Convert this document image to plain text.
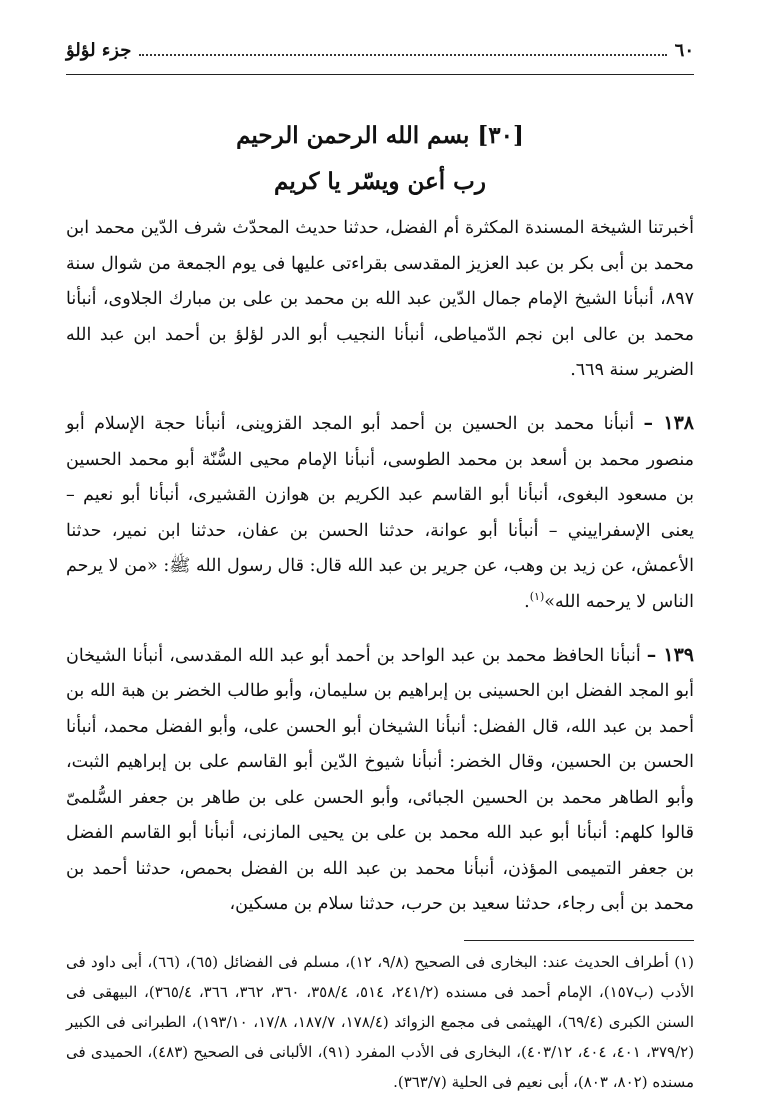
٦٠
جزء لؤلؤ
[٣٠] بسم الله الرحمن الرحيم
رب أعن ويسّر يا كريم

أخبرتنا الشيخة المسندة المكثرة أم الفضل، حدثنا حديث المحدّث شرف الدّين محمد ابن محمد بن أبى بكر بن عبد العزيز المقدسى بقراءتى عليها فى يوم الجمعة من شوال سنة ٨٩٧، أنبأنا الشيخ الإمام جمال الدّين عبد الله بن محمد بن على بن مبارك الجلاوى، أنبأنا محمد بن عالى ابن نجم الدّمياطى، أنبأنا النجيب أبو الدر لؤلؤ بن أحمد ابن عبد الله الضرير سنة ٦٦٩.

١٣٨ – أنبأنا محمد بن الحسين بن أحمد أبو المجد القزوينى، أنبأنا حجة الإسلام أبو منصور محمد بن أسعد بن محمد الطوسى، أنبأنا الإمام محيى السُّنّة أبو محمد الحسين بن مسعود البغوى، أنبأنا أبو القاسم عبد الكريم بن هوازن القشيرى، أنبأنا أبو نعيم – يعنى الإسفراييني – أنبأنا أبو عوانة، حدثنا الحسن بن عفان، حدثنا ابن نمير، حدثنا الأعمش، عن زيد بن وهب، عن جرير بن عبد الله قال: قال رسول الله ﷺ: «من لا يرحم الناس لا يرحمه الله»$^{(١)}$.

١٣٩ – أنبأنا الحافظ محمد بن عبد الواحد بن أحمد أبو عبد الله المقدسى، أنبأنا الشيخان أبو المجد الفضل ابن الحسينى بن إبراهيم بن سليمان، وأبو طالب الخضر بن هبة الله بن أحمد بن عبد الله، قال الفضل: أنبأنا الشيخان أبو الحسن على، وأبو الفضل محمد، أنبأنا الحسن بن الحسين، وقال الخضر: أنبأنا شيوخ الدّين أبو القاسم على بن إبراهيم الثبت، وأبو الطاهر محمد بن الحسين الجبائى، وأبو الحسن على بن طاهر بن جعفر السُّلمىّ قالوا كلهم: أنبأنا أبو عبد الله محمد بن على بن يحيى المازنى، أنبأنا أبو القاسم الفضل بن جعفر التميمى المؤذن، أنبأنا محمد بن عبد الله بن الفضل بحمص، حدثنا أحمد بن محمد بن أبى رجاء، حدثنا سعيد بن حرب، حدثنا سلام بن مسكين،

(١) أطراف الحديث عند: البخارى فى الصحيح (٩/٨، ١٢)، مسلم فى الفضائل (٦٥)، (٦٦)، أبى داود فى الأدب (ب١٥٧)، الإمام أحمد فى مسنده (٢٤١/٢، ٥١٤، ٣٥٨/٤، ٣٦٠، ٣٦٢، ٣٦٦، ٣٦٥/٤)، البيهقى فى السنن الكبرى (٦٩/٤)، الهيثمى فى مجمع الزوائد (١٧٨/٤، ١٨٧/٧، ١٧/٨، ١٩٣/١٠)، الطبرانى فى الكبير (٣٧٩/٢، ٤٠١، ٤٠٤، ٤٠٣/١٢)، البخارى فى الأدب المفرد (٩١)، الألبانى فى الصحيح (٤٨٣)، الحميدى فى مسنده (٨٠٢، ٨٠٣)، أبى نعيم فى الحلية (٣٦٣/٧).
